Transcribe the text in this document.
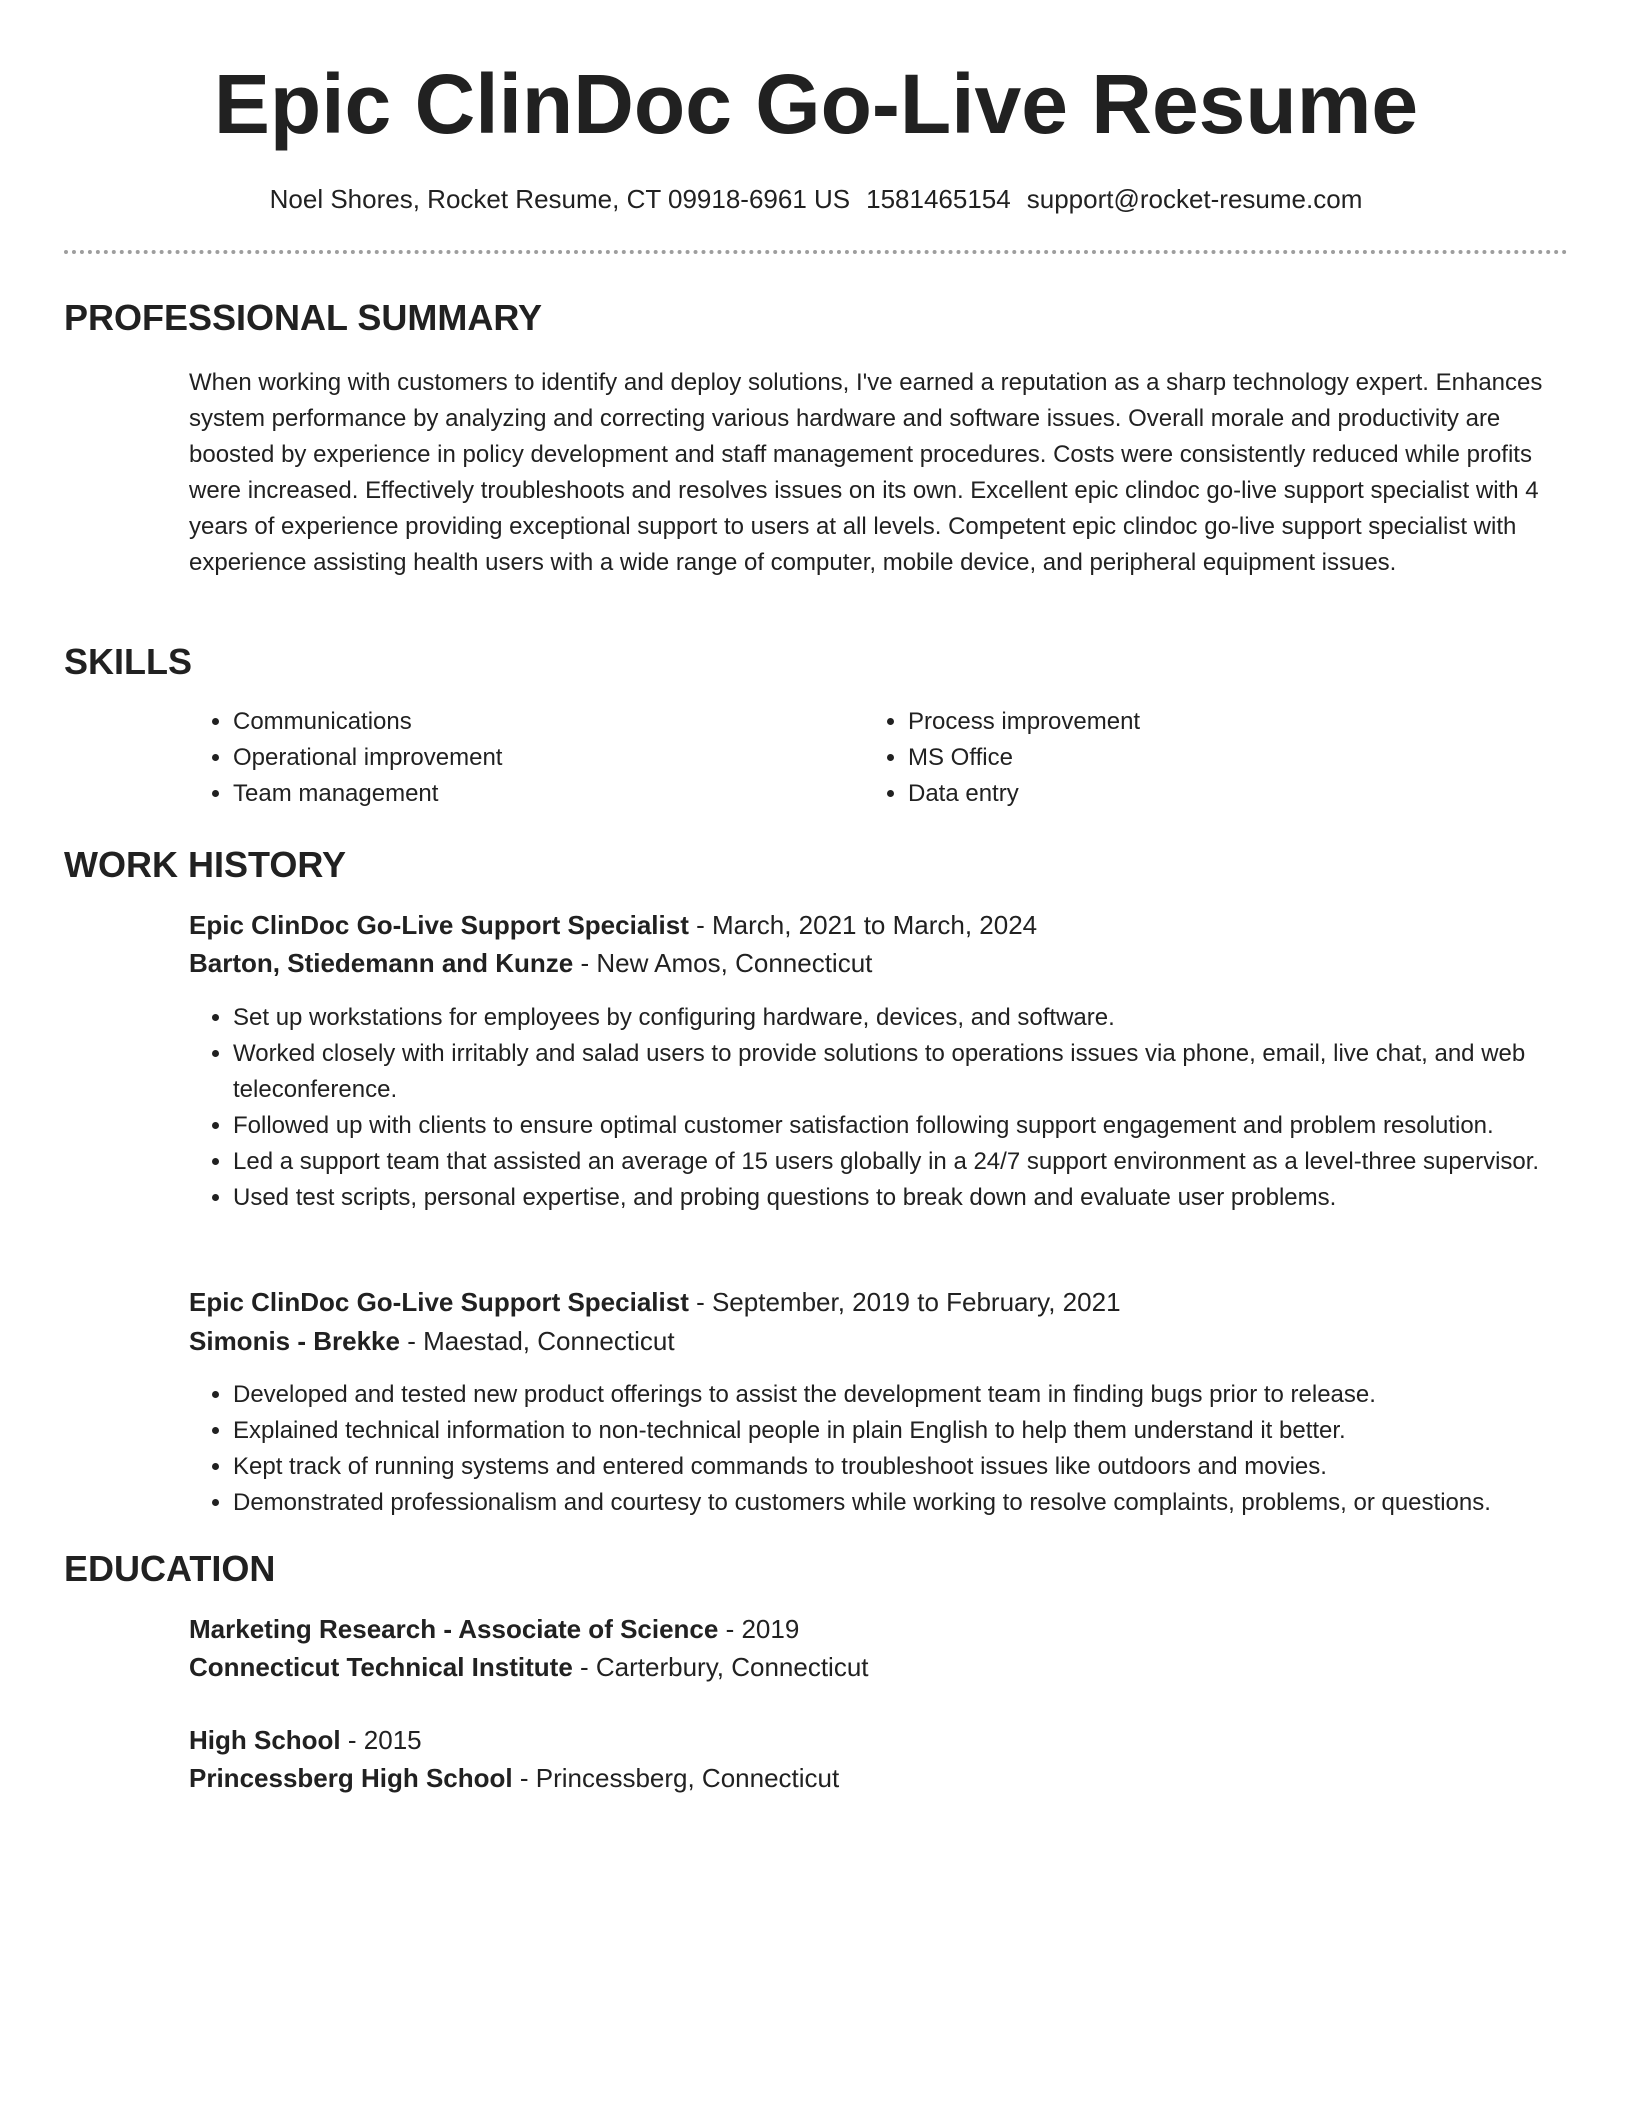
Epic ClinDoc Go-Live Resume
Noel Shores, Rocket Resume, CT 09918-6961 US 1581465154 support@rocket-resume.com
PROFESSIONAL SUMMARY

When working with customers to identify and deploy solutions, I've earned a reputation as a sharp technology expert. Enhances system performance by analyzing and correcting various hardware and software issues. Overall morale and productivity are boosted by experience in policy development and staff management procedures. Costs were consistently reduced while profits were increased. Effectively troubleshoots and resolves issues on its own. Excellent epic clindoc go-live support specialist with 4 years of experience providing exceptional support to users at all levels. Competent epic clindoc go-live support specialist with experience assisting health users with a wide range of computer, mobile device, and peripheral equipment issues.

SKILLS
• Communications
• Operational improvement
• Team management
• Process improvement
• MS Office
• Data entry
WORK HISTORY
Epic ClinDoc Go-Live Support Specialist - March, 2021 to March, 2024
Barton, Stiedemann and Kunze - New Amos, Connecticut
• Set up workstations for employees by configuring hardware, devices, and software.
• Worked closely with irritably and salad users to provide solutions to operations issues via phone, email, live chat, and web teleconference.
• Followed up with clients to ensure optimal customer satisfaction following support engagement and problem resolution.
• Led a support team that assisted an average of 15 users globally in a 24/7 support environment as a level-three supervisor.
• Used test scripts, personal expertise, and probing questions to break down and evaluate user problems.
Epic ClinDoc Go-Live Support Specialist - September, 2019 to February, 2021
Simonis - Brekke - Maestad, Connecticut
• Developed and tested new product offerings to assist the development team in finding bugs prior to release.
• Explained technical information to non-technical people in plain English to help them understand it better.
• Kept track of running systems and entered commands to troubleshoot issues like outdoors and movies.
• Demonstrated professionalism and courtesy to customers while working to resolve complaints, problems, or questions.
EDUCATION
Marketing Research - Associate of Science - 2019
Connecticut Technical Institute - Carterbury, Connecticut
High School - 2015
Princessberg High School - Princessberg, Connecticut
